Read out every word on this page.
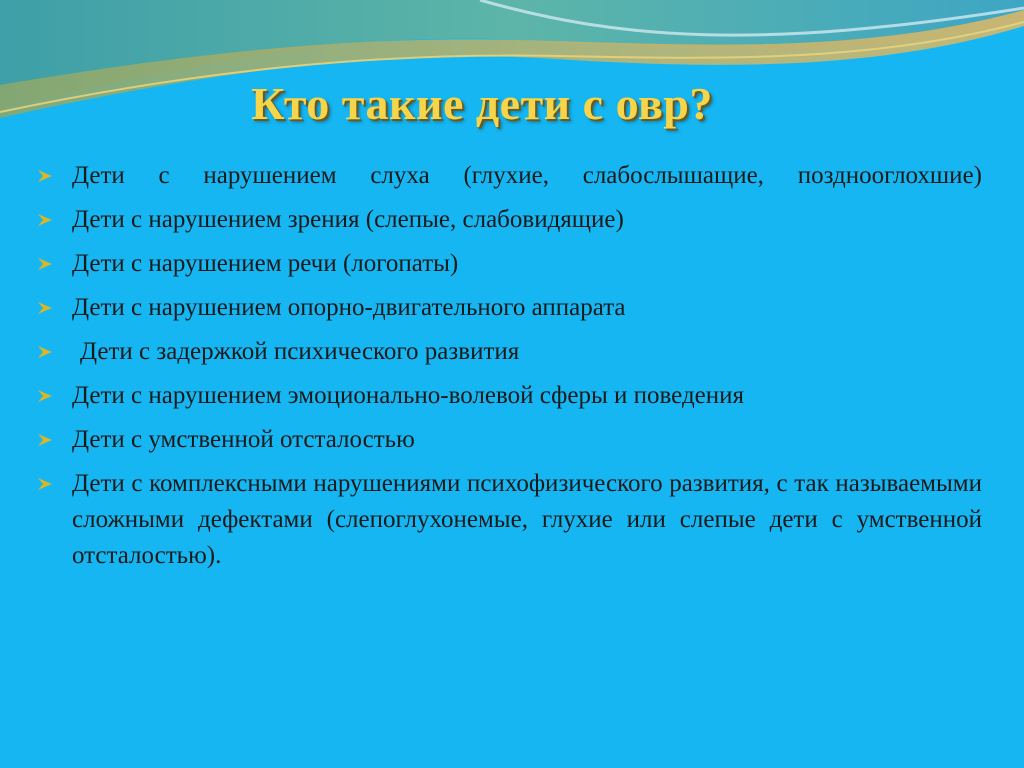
Кто такие дети с овр?
Дети с нарушением слуха (глухие, слабослышащие, позднооглохшие)
Дети с нарушением зрения (слепые, слабовидящие)
Дети с нарушением речи (логопаты)
Дети с нарушением опорно-двигательного аппарата
Дети с задержкой психического развития
Дети с нарушением эмоционально-волевой сферы и поведения
Дети с умственной отсталостью
Дети с комплексными нарушениями психофизического развития, с так называемыми сложными дефектами (слепоглухонемые, глухие или слепые дети с умственной отсталостью).
